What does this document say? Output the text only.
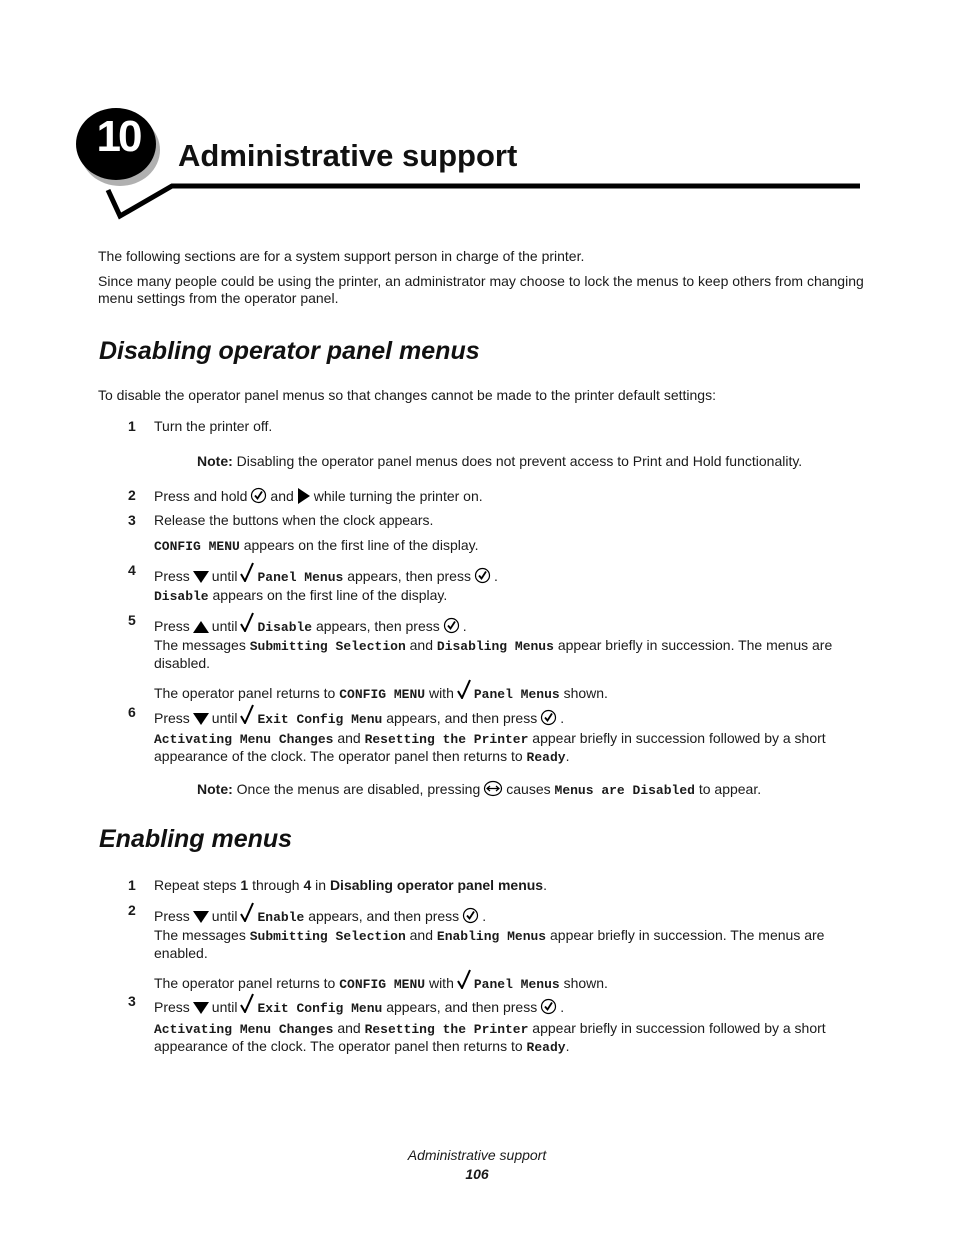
10	Administrative support

The following sections are for a system support person in charge of the printer.

Since many people could be using the printer, an administrator may choose to lock the menus to keep others from changing menu settings from the operator panel.

Disabling operator panel menus

To disable the operator panel menus so that changes cannot be made to the printer default settings:

1 Turn the printer off.

Note: Disabling the operator panel menus does not prevent access to Print and Hold functionality.
2 Press and hold and while turning the printer on.
3 Release the buttons when the clock appears.

CONFIG MENU appears on the first line of the display.
4 Press until Panel Menus appears, then press .
Disable appears on the first line of the display.
5 Press until Disable appears, then press .
The messages Submitting Selection and Disabling Menus appear briefly in succession. The menus are disabled.
The operator panel returns to CONFIG MENU with Panel Menus shown.
6 Press until Exit Config Menu appears, and then press .
Activating Menu Changes and Resetting the Printer appear briefly in succession followed by a short appearance of the clock. The operator panel then returns to Ready.
Note: Once the menus are disabled, pressing causes Menus are Disabled to appear.
Enabling menus
1 Repeat steps 1 through 4 in Disabling operator panel menus.
2 Press until Enable appears, and then press .
The messages Submitting Selection and Enabling Menus appear briefly in succession. The menus are enabled.
The operator panel returns to CONFIG MENU with Panel Menus shown.
3 Press until Exit Config Menu appears, and then press .
Activating Menu Changes and Resetting the Printer appear briefly in succession followed by a short appearance of the clock. The operator panel then returns to Ready.
Administrative support
106
